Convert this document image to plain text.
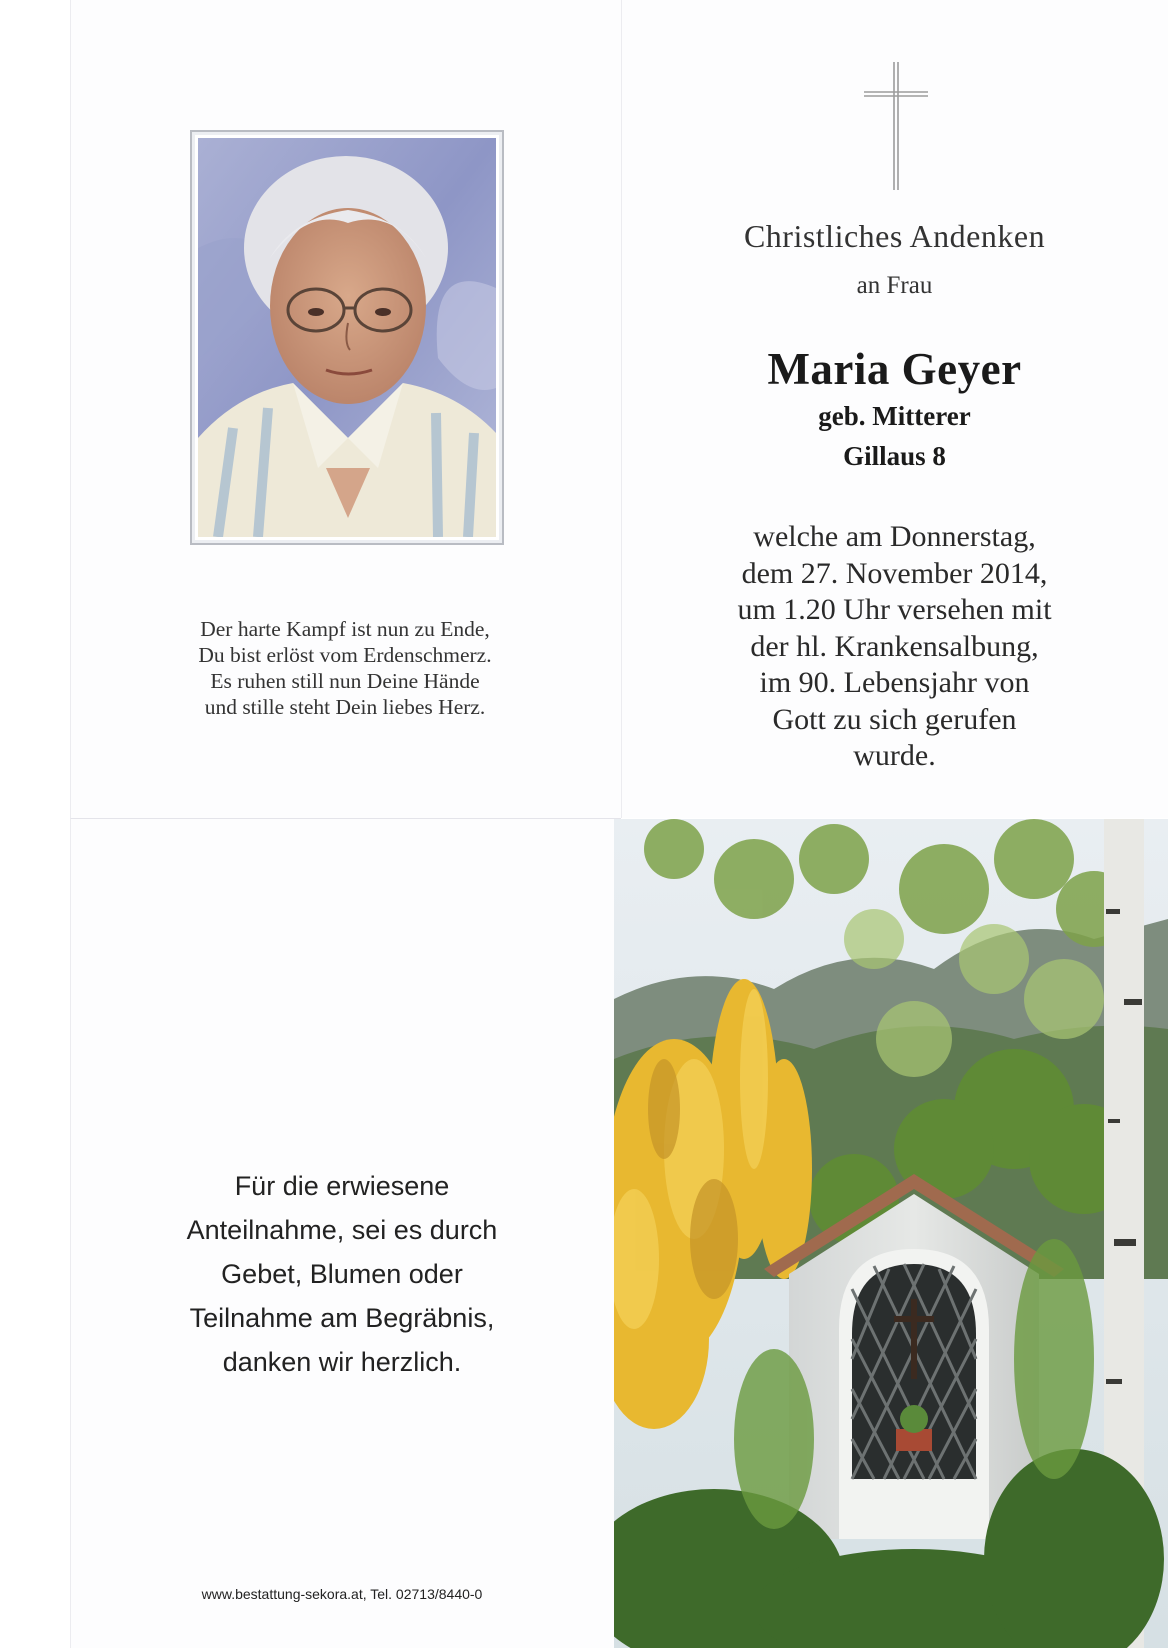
Der harte Kampf ist nun zu Ende,
Du bist erlöst vom Erdenschmerz.
Es ruhen still nun Deine Hände
und stille steht Dein liebes Herz.
Christliches Andenken
an Frau
Maria Geyer
geb. Mitterer
Gillaus 8
welche am Donnerstag,
dem 27. November 2014,
um 1.20 Uhr versehen mit
der hl. Krankensalbung,
im 90. Lebensjahr von
Gott zu sich gerufen
wurde.
Für die erwiesene
Anteilnahme, sei es durch
Gebet, Blumen oder
Teilnahme am Begräbnis,
danken wir herzlich.
www.bestattung-sekora.at, Tel. 02713/8440-0
